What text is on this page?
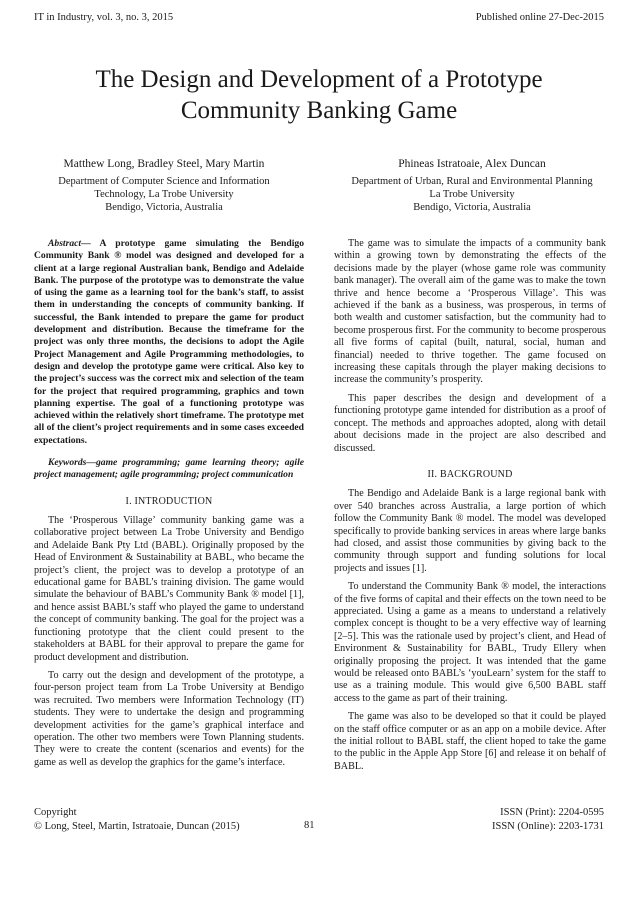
IT in Industry, vol. 3, no. 3, 2015	Published online 27-Dec-2015
The Design and Development of a Prototype
Community Banking Game
Matthew Long, Bradley Steel, Mary Martin
Department of Computer Science and Information
Technology, La Trobe University
Bendigo, Victoria, Australia
Phineas Istratoaie, Alex Duncan
Department of Urban, Rural and Environmental Planning
La Trobe University
Bendigo, Victoria, Australia

Abstract— A prototype game simulating the Bendigo Community Bank ® model was designed and developed for a client at a large regional Australian bank, Bendigo and Adelaide Bank. The purpose of the prototype was to demonstrate the value of using the game as a learning tool for the bank’s staff, to assist them in understanding the concepts of community banking. If successful, the Bank intended to prepare the game for product development and distribution. Because the timeframe for the project was only three months, the decisions to adopt the Agile Project Management and Agile Programming methodologies, to design and develop the prototype game were critical. Also key to the project’s success was the correct mix and selection of the team for the project that required programming, graphics and town planning expertise. The goal of a functioning prototype was achieved within the relatively short timeframe. The prototype met all of the client’s project requirements and in some cases exceeded expectations.

Keywords—game programming; game learning theory; agile project management; agile programming; project communication

I. INTRODUCTION

The ‘Prosperous Village’ community banking game was a collaborative project between La Trobe University and Bendigo and Adelaide Bank Pty Ltd (BABL). Originally proposed by the Head of Environment & Sustainability at BABL, who became the project’s client, the project was to develop a prototype of an educational game for BABL’s training division. The game would simulate the behaviour of BABL’s Community Bank ® model [1], and hence assist BABL’s staff who played the game to understand the concept of community banking. The goal for the project was a functioning prototype that the client could present to the stakeholders at BABL for their approval to prepare the game for product development and distribution.

To carry out the design and development of the prototype, a four-person project team from La Trobe University at Bendigo was recruited. Two members were Information Technology (IT) students. They were to undertake the design and programming development activities for the game’s graphical interface and operation. The other two members were Town Planning students. They were to create the content (scenarios and events) for the game as well as develop the graphics for the game’s interface.

The game was to simulate the impacts of a community bank within a growing town by demonstrating the effects of the decisions made by the player (whose game role was community bank manager). The overall aim of the game was to make the town thrive and hence become a ‘Prosperous Village’. This was achieved if the bank as a business, was prosperous, in terms of both wealth and customer satisfaction, but the community had to become prosperous first. For the community to become prosperous all five forms of capital (built, natural, social, human and financial) needed to thrive together. The game focused on increasing these capitals through the player making decisions to increase the community’s prosperity.

This paper describes the design and development of a functioning prototype game intended for distribution as a proof of concept. The methods and approaches adopted, along with detail about decisions made in the project are also described and discussed.

II. BACKGROUND

The Bendigo and Adelaide Bank is a large regional bank with over 540 branches across Australia, a large portion of which follow the Community Bank ® model. The model was developed specifically to provide banking services in areas where large banks had closed, and assist those communities by giving back to the community through support and funding solutions for local projects and issues [1].

To understand the Community Bank ® model, the interactions of the five forms of capital and their effects on the town need to be appreciated. Using a game as a means to understand a relatively complex concept is thought to be a very effective way of learning [2–5]. This was the rationale used by project’s client, and Head of Environment & Sustainability for BABL, Trudy Ellery when originally proposing the project. It was intended that the game would be released onto BABL’s ‘youLearn’ system for the staff to use as a training module. This would give 6,500 BABL staff access to the game as part of their training.

The game was also to be developed so that it could be played on the staff office computer or as an app on a mobile device. After the initial rollout to BABL staff, the client hoped to take the game to the public in the Apple App Store [6] and release it on behalf of BABL.

Copyright
© Long, Steel, Martin, Istratoaie, Duncan (2015)	81
ISSN (Print): 2204-0595
ISSN (Online): 2203-1731
